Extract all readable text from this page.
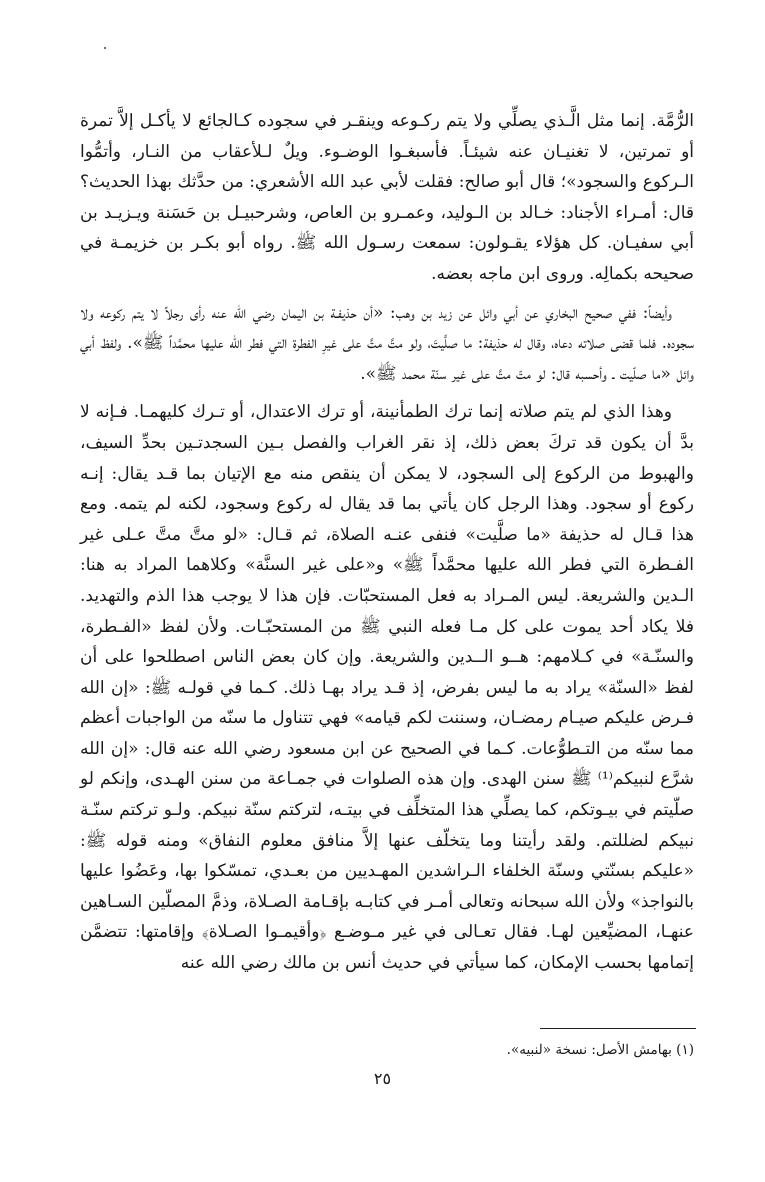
الرُّمَّة. إنما مثل الَّـذي يصلِّي ولا يتم ركـوعه وينقـر في سجوده كـالجائع لا يأكـل إلاَّ تمرة أو تمرتين، لا تغنيـان عنه شيئـاً. فأسبغـوا الوضـوء. ويلٌ لـلأعقاب من النـار، وأتمُّوا الـركوع والسجود»؛ قال أبو صالح: فقلت لأبي عبد الله الأشعري: من حدَّثك بهذا الحديث؟ قال: أمـراء الأجناد: خـالد بن الـوليد، وعمـرو بن العاص، وشرحبيـل بن حَسَنة ويـزيـد بن أبي سفيـان. كل هؤلاء يقـولون: سمعت رسـول الله ﷺ. رواه أبو بكـر بن خزيمـة في صحيحه بكمالِه. وروى ابن ماجه بعضه.

وأيضاً: ففي صحيح البخاري عن أبي وائل عن زيد بن وهب: «أن حذيفـة بن اليمان رضي الله عنه رأى رجلاً لا يتم ركوعه ولا سجوده. فلما قضى صلاته دعاه، وقال له حذيفة: ما صلَّيتَ، ولو متَّ متَّ على غيرِ الفطرة التي فطر الله عليها محمَّداً ﷺ». ولفظ أبي وائل «ما صلّيت ـ وأحسبه قال: لو متّ متَّ على غير سنّة محمد ﷺ».

وهذا الذي لم يتم صلاته إنما ترك الطمأنينة، أو ترك الاعتدال، أو تـرك كليهمـا. فـإنه لا بدَّ أن يكون قد تركَ بعض ذلك، إذ نقر الغراب والفصل بـين السجدتـين بحدِّ السيف، والهبوط من الركوع إلى السجود، لا يمكن أن ينقص منه مع الإتيان بما قـد يقال: إنـه ركوع أو سجود. وهذا الرجل كان يأتي بما قد يقال له ركوع وسجود، لكنه لم يتمه. ومع هذا قـال له حذيفة «ما صلَّيت» فنفى عنـه الصلاة، ثم قـال: «لو متَّ متَّ عـلى غير الفـطرة التي فطر الله عليها محمَّداً ﷺ» و«على غير السنَّة» وكلاهما المراد به هنا: الـدين والشريعة. ليس المـراد به فعل المستحبّات. فإن هذا لا يوجب هذا الذم والتهديد. فلا يكاد أحد يموت على كل مـا فعله النبي ﷺ من المستحبّـات. ولأن لفظ «الفـطرة، والسنّـة» في كـلامهم: هــو الــدين والشريعة. وإن كان بعض الناس اصطلحوا على أن لفظ «السنّة» يراد به ما ليس بفرض، إذ قـد يراد بهـا ذلك. كـما في قولـه ﷺ: «إن الله فـرض عليكم صيـام رمضـان، وسننت لكم قيامه» فهي تتناول ما سنّه من الواجبات أعظم مما سنّه من التـطوُّعات. كـما في الصحيح عن ابن مسعود رضي الله عنه قال: «إن الله شرَّع لنبيكم⁽¹⁾ ﷺ سنن الهدى. وإن هذه الصلوات في جمـاعة من سنن الهـدى، وإنكم لو صلّيتم في بيـوتكم، كما يصلِّي هذا المتخلِّف في بيتـه، لتركتم سنّة نبيكم. ولـو تركتم سنّـة نبيكم لضللتم. ولقد رأيتنا وما يتخلّف عنها إلاَّ منافق معلوم النفاق» ومنه قوله ﷺ: «عليكم بسنّتي وسنّة الخلفاء الـراشدين المهـديين من بعـدي، تمسّكوا بها، وعَضُوا عليها بالنواجذ» ولأن الله سبحانه وتعالى أمـر في كتابـه بإقـامة الصـلاة، وذمَّ المصلّين السـاهين عنهـا، المضيِّعين لهـا. فقال تعـالى في غير مـوضـع ﴿وأقيمـوا الصـلاة﴾ وإقامتها: تتضمَّن إتمامها بحسب الإمكان، كما سيأتي في حديث أنس بن مالك رضي الله عنه

(١) بهامش الأصل: نسخة «لنبيه».
٢٥
